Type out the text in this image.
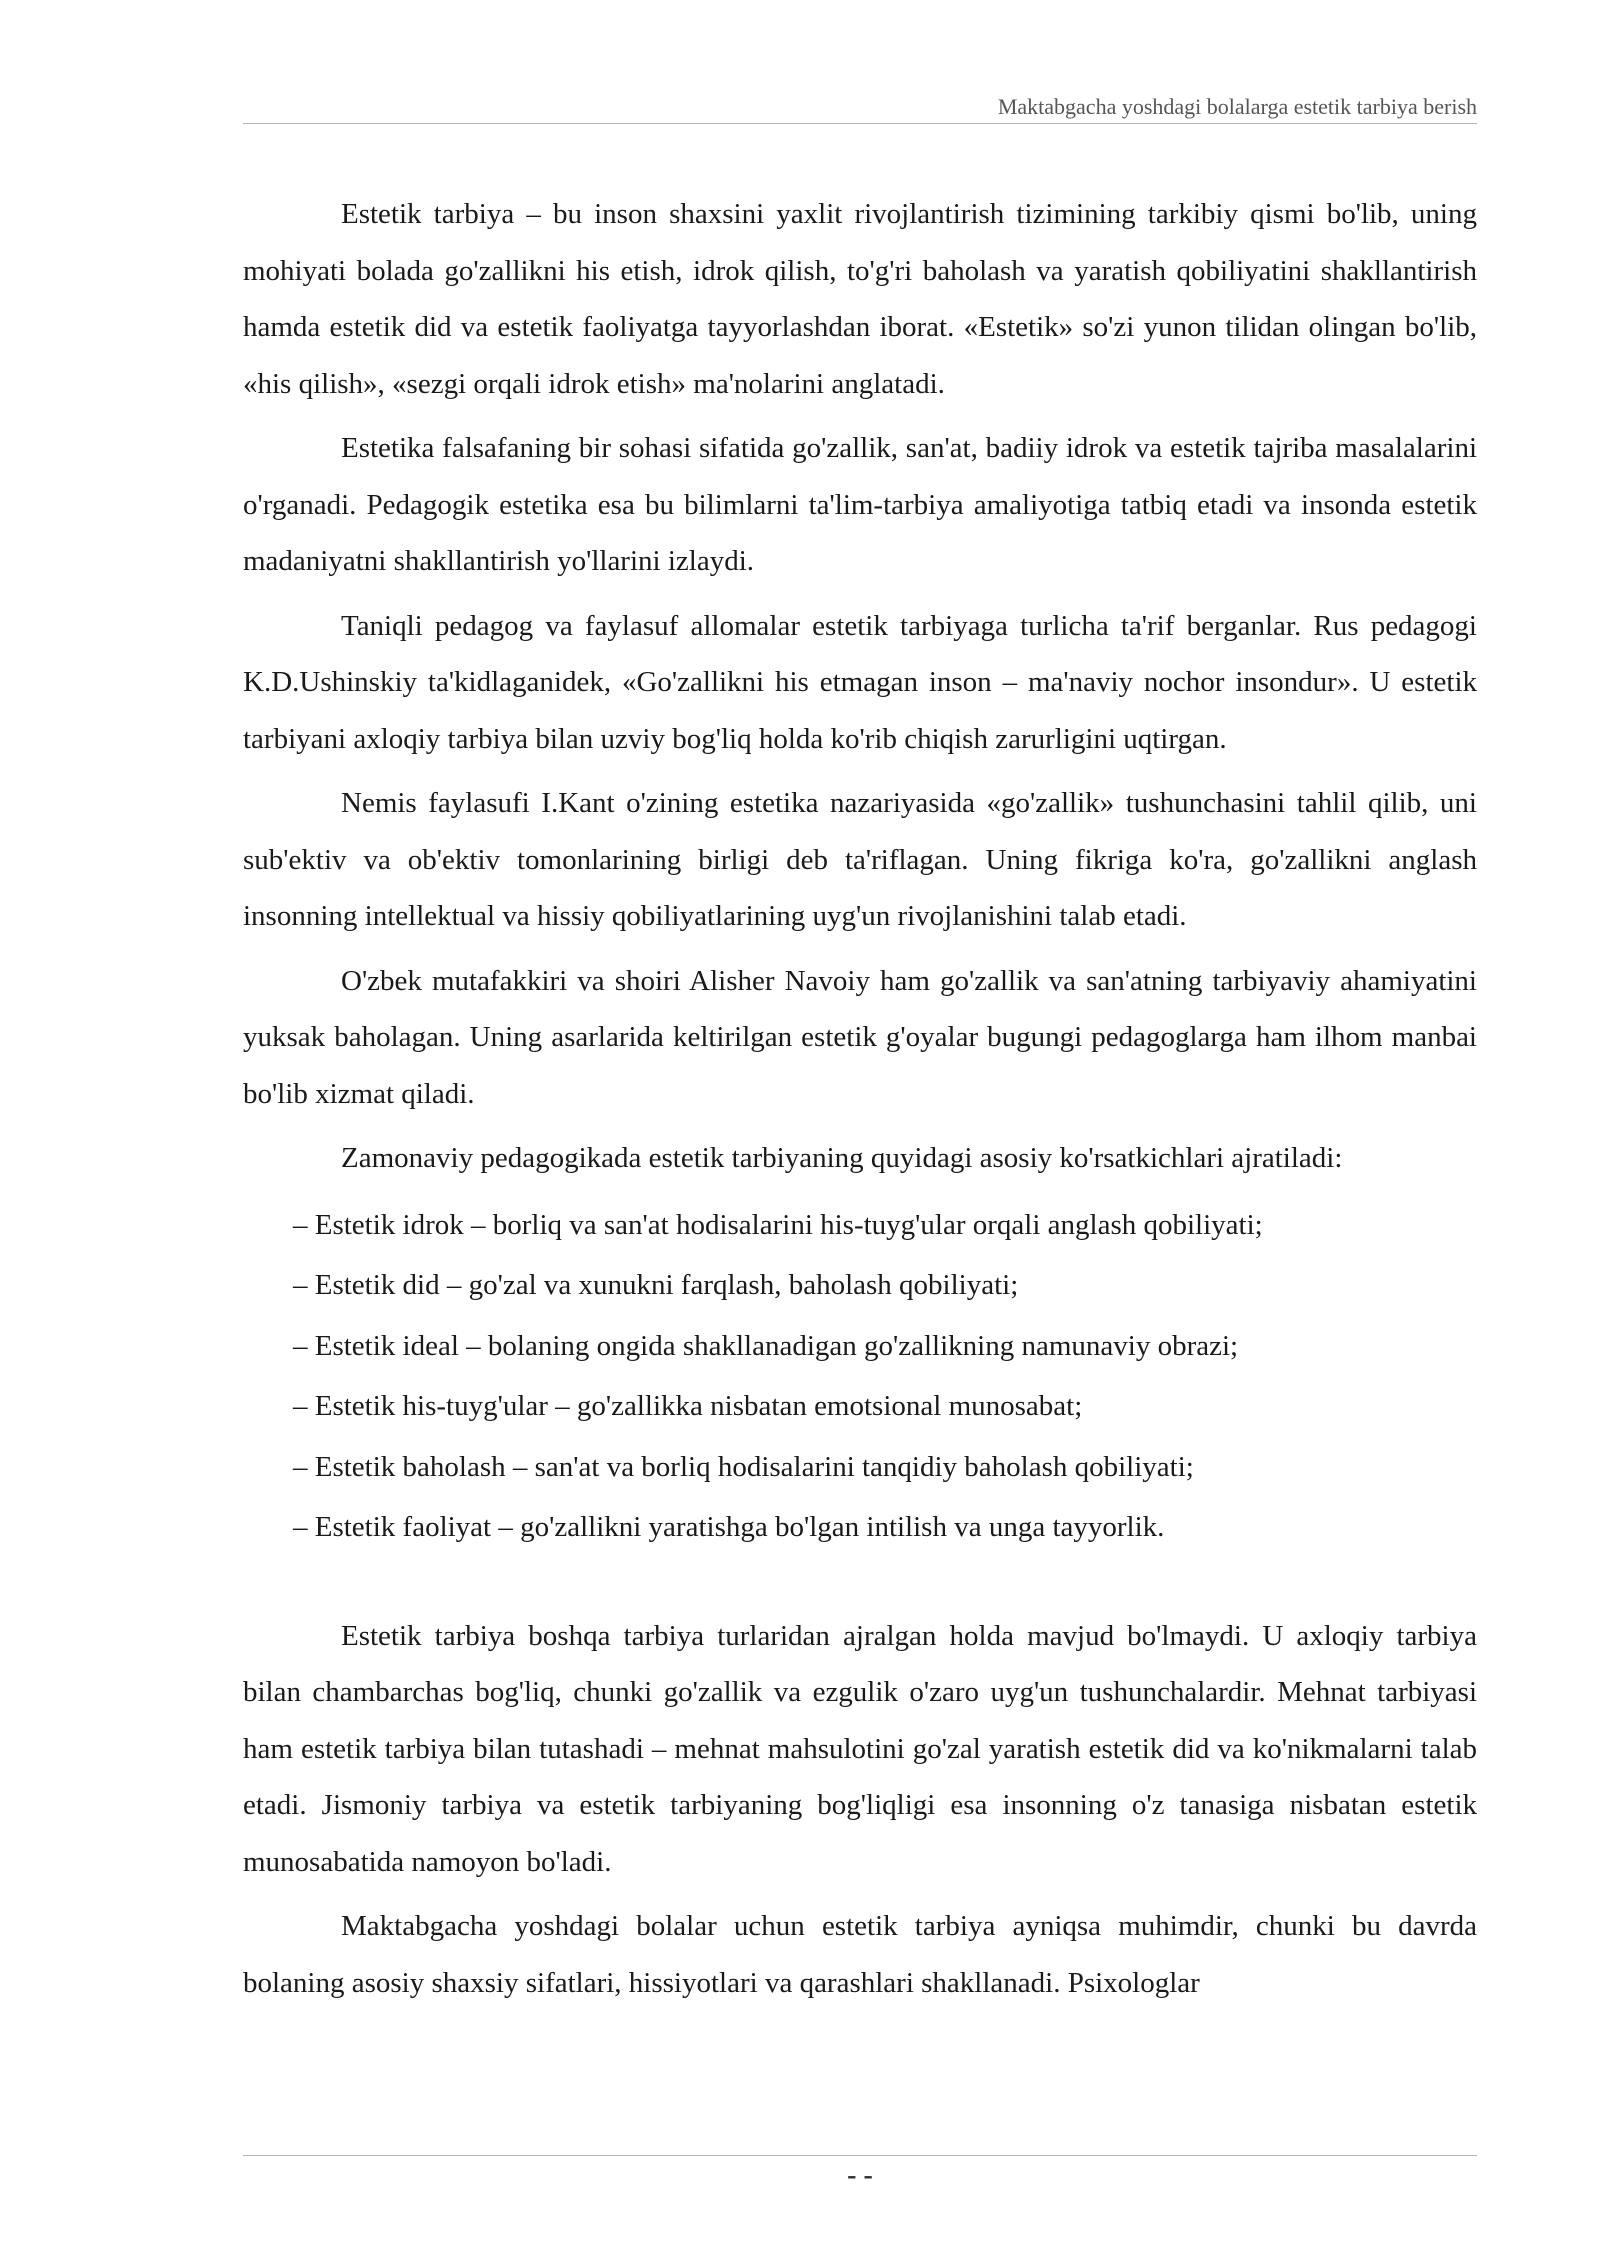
Maktabgacha yoshdagi bolalarga estetik tarbiya berish

Estetik tarbiya – bu inson shaxsini yaxlit rivojlantirish tizimining tarkibiy qismi bo'lib, uning mohiyati bolada go'zallikni his etish, idrok qilish, to'g'ri baholash va yaratish qobiliyatini shakllantirish hamda estetik did va estetik faoliyatga tayyorlashdan iborat. «Estetik» so'zi yunon tilidan olingan bo'lib, «his qilish», «sezgi orqali idrok etish» ma'nolarini anglatadi.

Estetika falsafaning bir sohasi sifatida go'zallik, san'at, badiiy idrok va estetik tajriba masalalarini o'rganadi. Pedagogik estetika esa bu bilimlarni ta'lim-tarbiya amaliyotiga tatbiq etadi va insonda estetik madaniyatni shakllantirish yo'llarini izlaydi.

Taniqli pedagog va faylasuf allomalar estetik tarbiyaga turlicha ta'rif berganlar. Rus pedagogi K.D.Ushinskiy ta'kidlaganidek, «Go'zallikni his etmagan inson – ma'naviy nochor insondur». U estetik tarbiyani axloqiy tarbiya bilan uzviy bog'liq holda ko'rib chiqish zarurligini uqtirgan.

Nemis faylasufi I.Kant o'zining estetika nazariyasida «go'zallik» tushunchasini tahlil qilib, uni sub'ektiv va ob'ektiv tomonlarining birligi deb ta'riflagan. Uning fikriga ko'ra, go'zallikni anglash insonning intellektual va hissiy qobiliyatlarining uyg'un rivojlanishini talab etadi.

O'zbek mutafakkiri va shoiri Alisher Navoiy ham go'zallik va san'atning tarbiyaviy ahamiyatini yuksak baholagan. Uning asarlarida keltirilgan estetik g'oyalar bugungi pedagoglarga ham ilhom manbai bo'lib xizmat qiladi.

Zamonaviy pedagogikada estetik tarbiyaning quyidagi asosiy ko'rsatkichlari ajratiladi:

– Estetik idrok – borliq va san'at hodisalarini his-tuyg'ular orqali anglash qobiliyati;
– Estetik did – go'zal va xunukni farqlash, baholash qobiliyati;
– Estetik ideal – bolaning ongida shakllanadigan go'zallikning namunaviy obrazi;
– Estetik his-tuyg'ular – go'zallikka nisbatan emotsional munosabat;
– Estetik baholash – san'at va borliq hodisalarini tanqidiy baholash qobiliyati;
– Estetik faoliyat – go'zallikni yaratishga bo'lgan intilish va unga tayyorlik.

Estetik tarbiya boshqa tarbiya turlaridan ajralgan holda mavjud bo'lmaydi. U axloqiy tarbiya bilan chambarchas bog'liq, chunki go'zallik va ezgulik o'zaro uyg'un tushunchalardir. Mehnat tarbiyasi ham estetik tarbiya bilan tutashadi – mehnat mahsulotini go'zal yaratish estetik did va ko'nikmalarni talab etadi. Jismoniy tarbiya va estetik tarbiyaning bog'liqligi esa insonning o'z tanasiga nisbatan estetik munosabatida namoyon bo'ladi.

Maktabgacha yoshdagi bolalar uchun estetik tarbiya ayniqsa muhimdir, chunki bu davrda bolaning asosiy shaxsiy sifatlari, hissiyotlari va qarashlari shakllanadi. Psixologlar

- -
